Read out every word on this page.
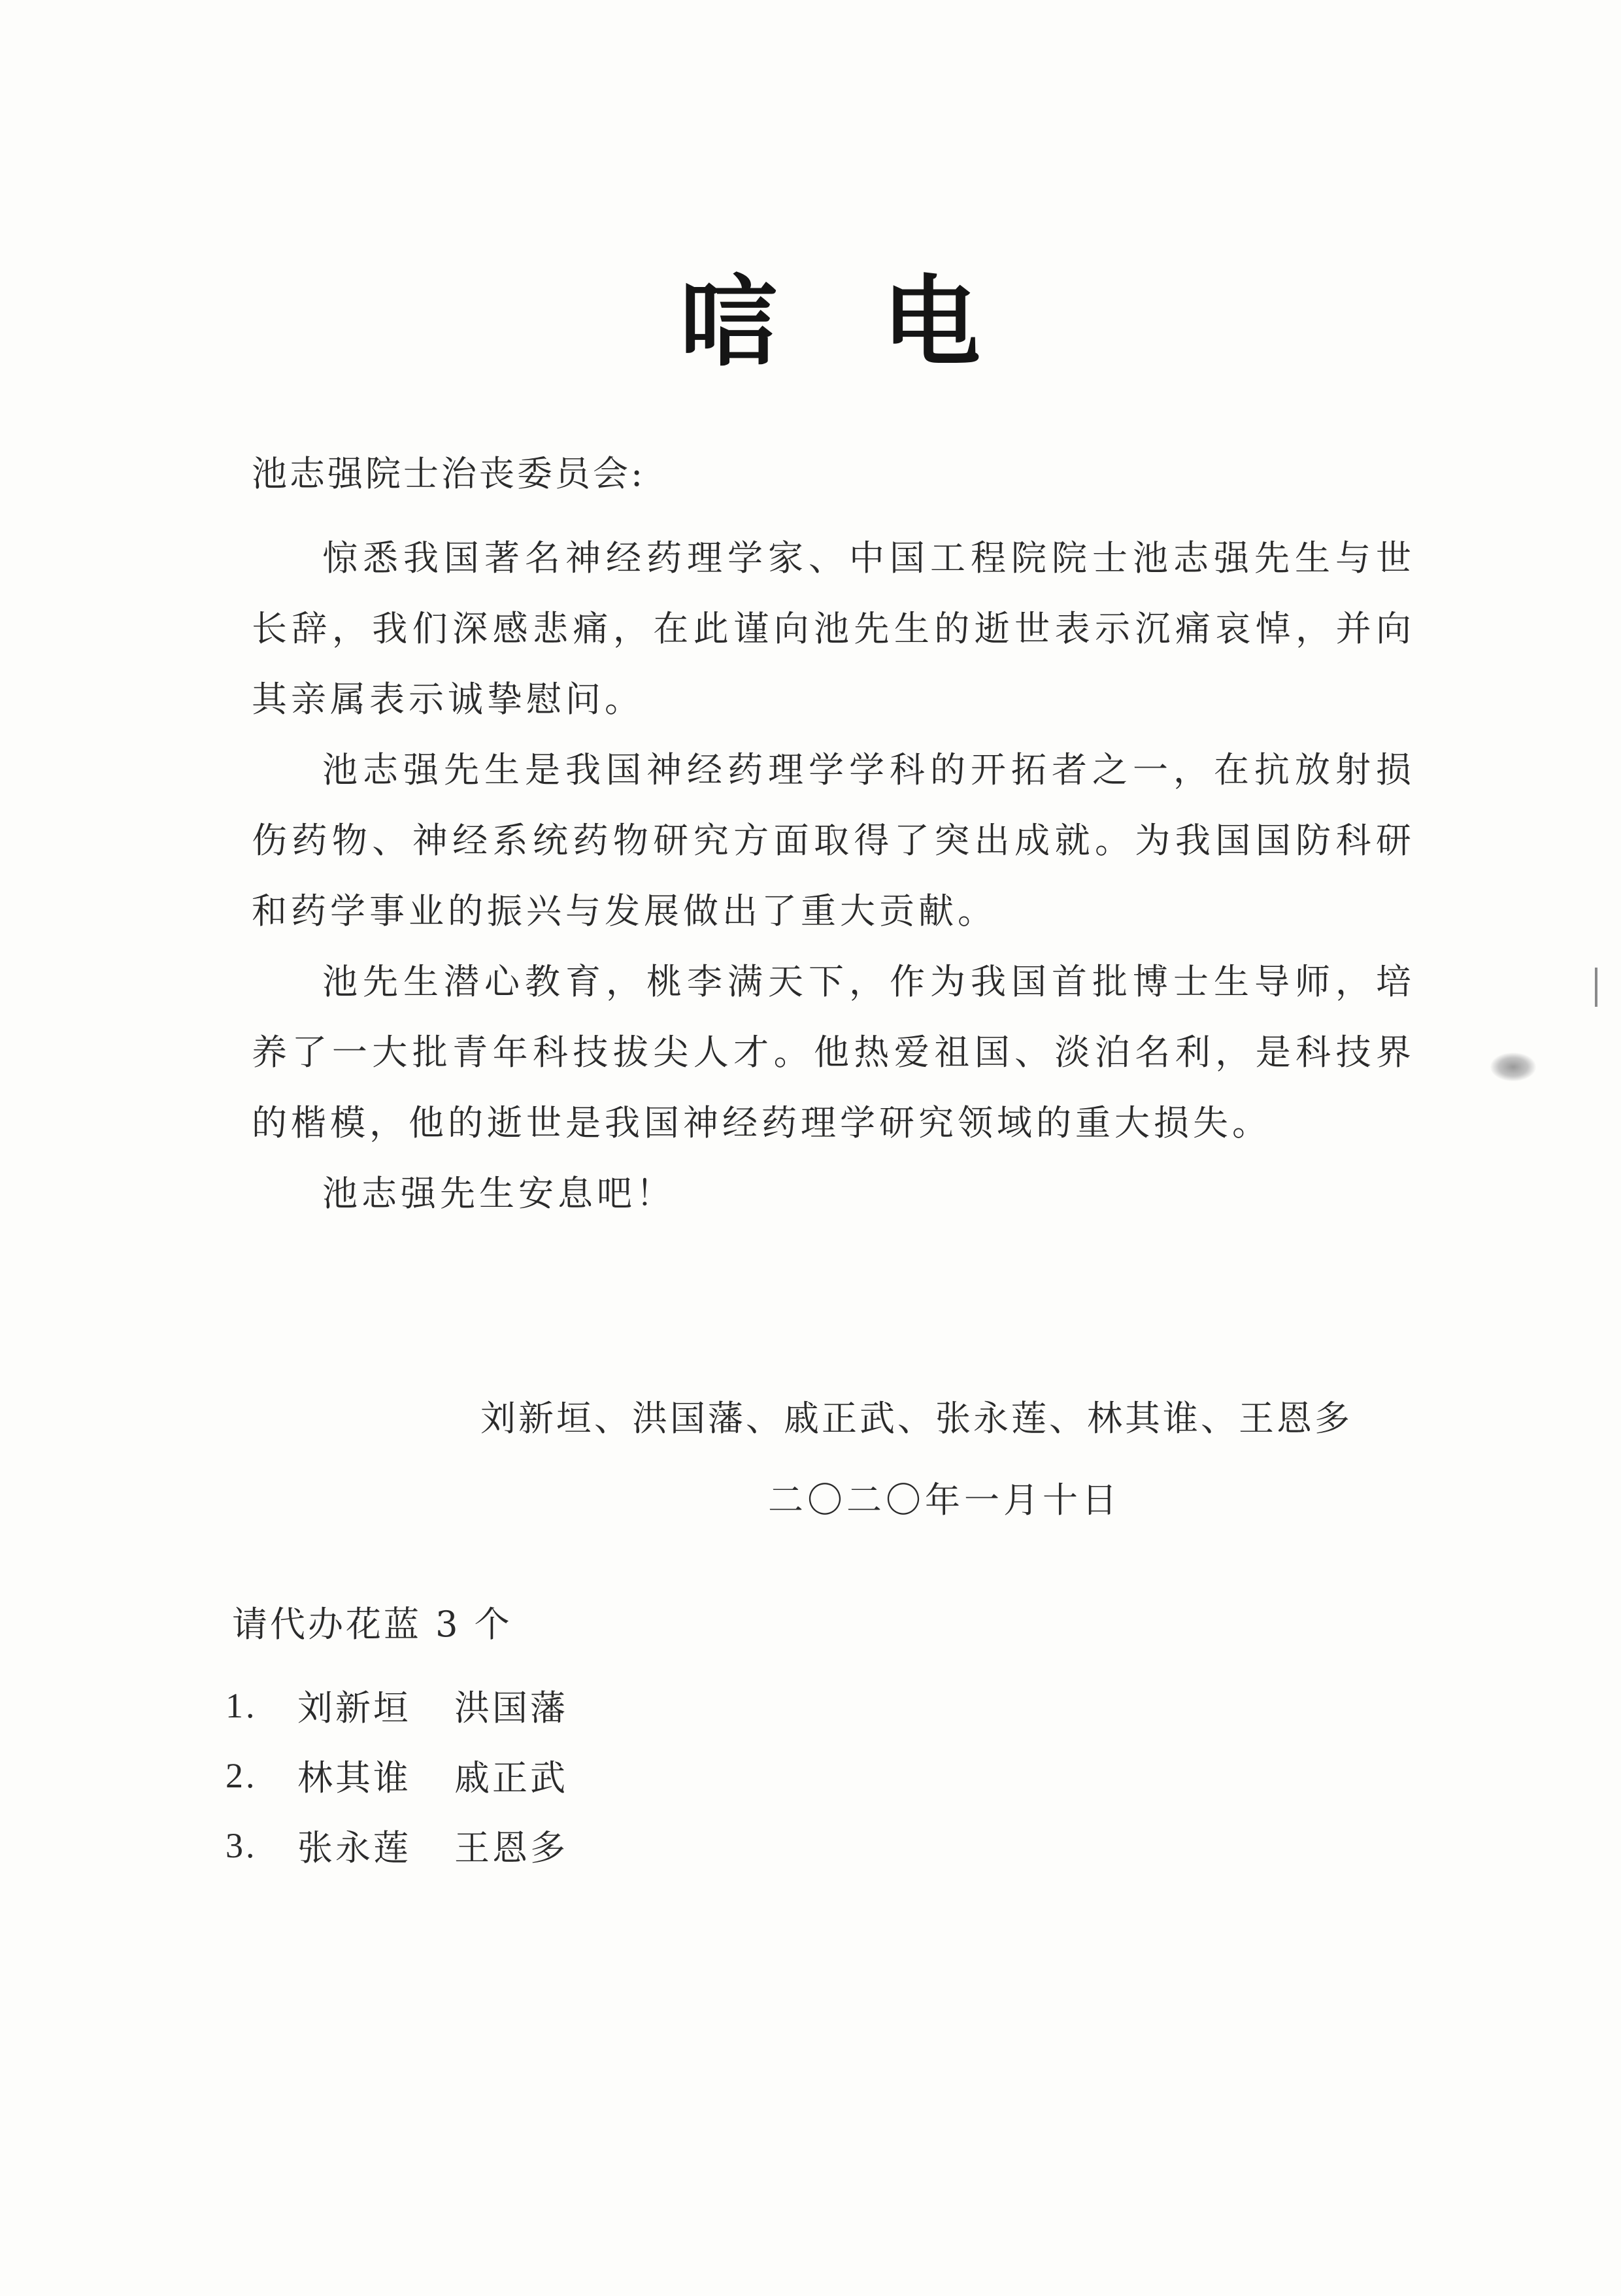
唁 电
池志强院士治丧委员会:

惊悉我国著名神经药理学家、中国工程院院士池志强先生与世长辞，我们深感悲痛，在此谨向池先生的逝世表示沉痛哀悼，并向其亲属表示诚挚慰问。

池志强先生是我国神经药理学学科的开拓者之一，在抗放射损伤药物、神经系统药物研究方面取得了突出成就。为我国国防科研和药学事业的振兴与发展做出了重大贡献。

池先生潜心教育，桃李满天下，作为我国首批博士生导师，培养了一大批青年科技拔尖人才。他热爱祖国、淡泊名利，是科技界的楷模，他的逝世是我国神经药理学研究领域的重大损失。

池志强先生安息吧！

刘新垣、洪国藩、戚正武、张永莲、林其谁、王恩多
二〇二〇年一月十日
请代办花蓝 3 个
1.	刘新垣	洪国藩
2.	林其谁	戚正武
3.	张永莲	王恩多
